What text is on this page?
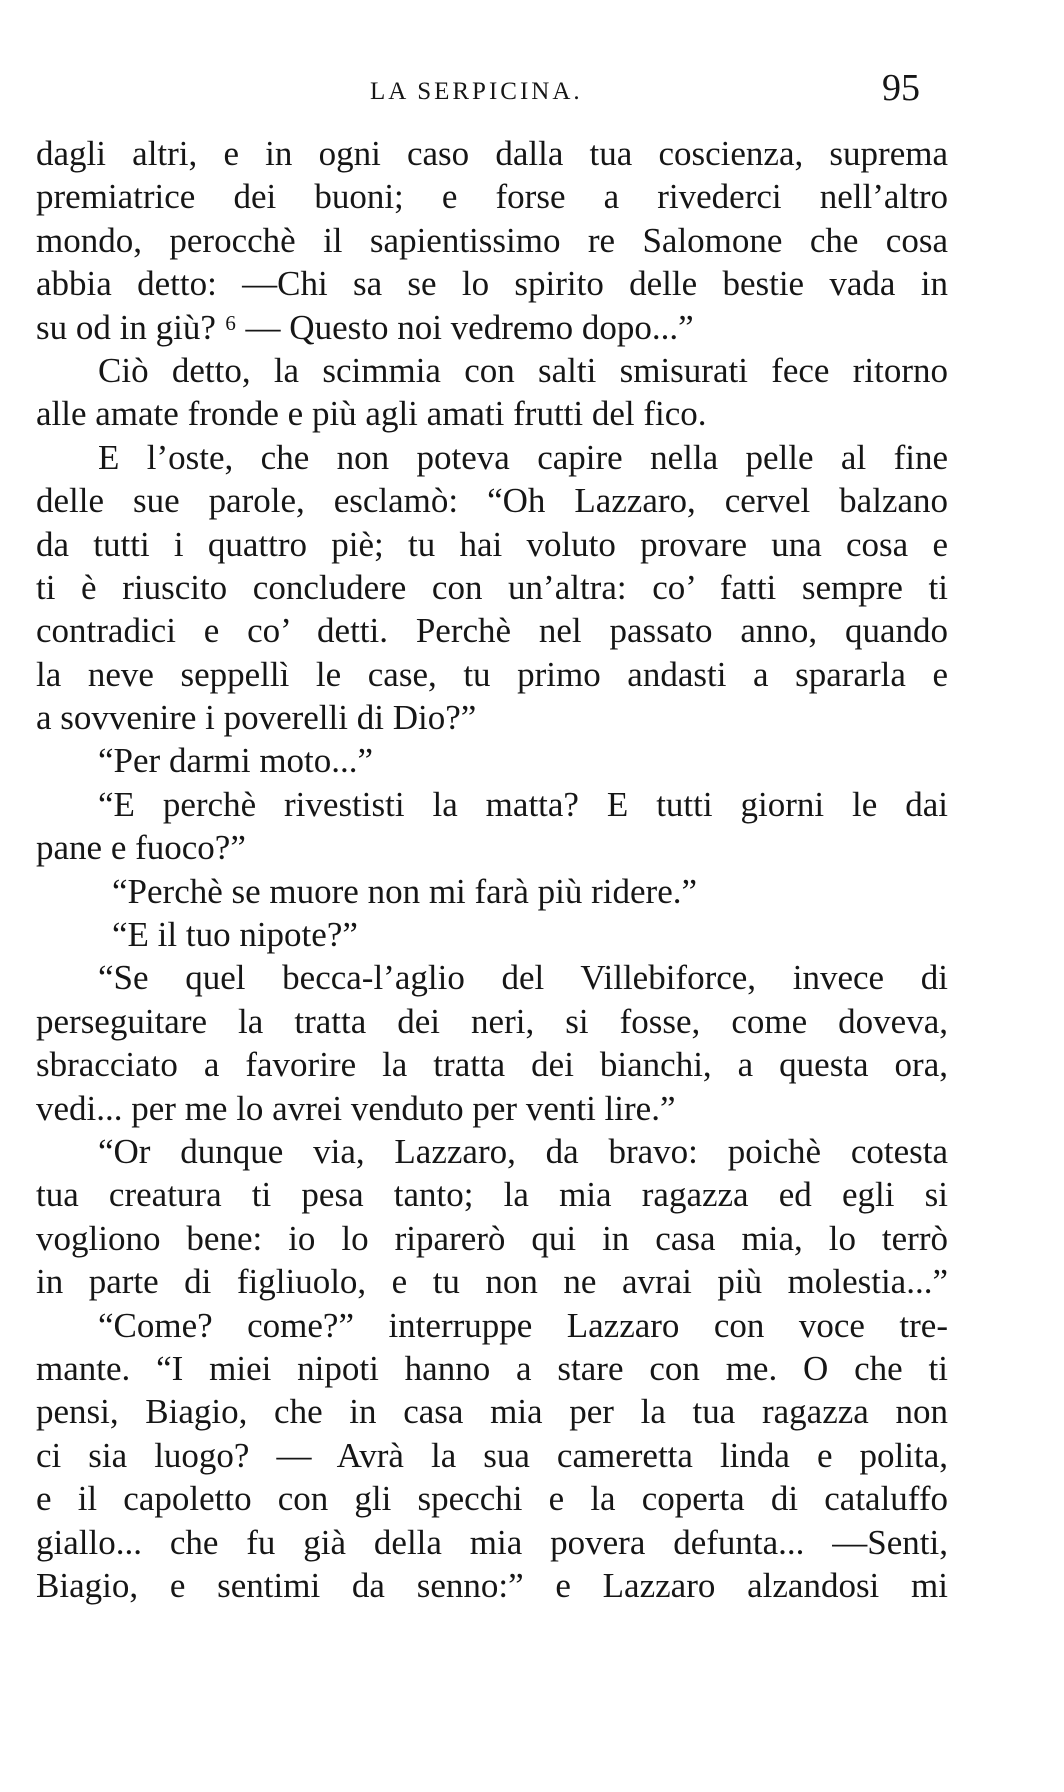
LA SERPICINA.	95
dagli altri, e in ogni caso dalla tua coscienza, suprema
premiatrice dei buoni; e forse a rivederci nell’altro
mondo, perocchè il sapientissimo re Salomone che cosa
abbia detto: —Chi sa se lo spirito delle bestie vada in
su od in giù? ⁶ — Questo noi vedremo dopo...”
Ciò detto, la scimmia con salti smisurati fece ritorno
alle amate fronde e più agli amati frutti del fico.
E l’oste, che non poteva capire nella pelle al fine
delle sue parole, esclamò: “Oh Lazzaro, cervel balzano
da tutti i quattro piè; tu hai voluto provare una cosa e
ti è riuscito concludere con un’altra: co’ fatti sempre ti
contradici e co’ detti. Perchè nel passato anno, quando
la neve seppellì le case, tu primo andasti a spararla e
a sovvenire i poverelli di Dio?”
“Per darmi moto...”
“E perchè rivestisti la matta? E tutti giorni le dai
pane e fuoco?”
“Perchè se muore non mi farà più ridere.”
“E il tuo nipote?”
“Se quel becca-l’aglio del Villebiforce, invece di
perseguitare la tratta dei neri, si fosse, come doveva,
sbracciato a favorire la tratta dei bianchi, a questa ora,
vedi... per me lo avrei venduto per venti lire.”
“Or dunque via, Lazzaro, da bravo: poichè cotesta
tua creatura ti pesa tanto; la mia ragazza ed egli si
vogliono bene: io lo riparerò qui in casa mia, lo terrò
in parte di figliuolo, e tu non ne avrai più molestia...”
“Come? come?” interruppe Lazzaro con voce tre-
mante. “I miei nipoti hanno a stare con me. O che ti
pensi, Biagio, che in casa mia per la tua ragazza non
ci sia luogo? — Avrà la sua cameretta linda e polita,
e il capoletto con gli specchi e la coperta di cataluffo
giallo... che fu già della mia povera defunta... —Senti,
Biagio, e sentimi da senno:” e Lazzaro alzandosi mi
